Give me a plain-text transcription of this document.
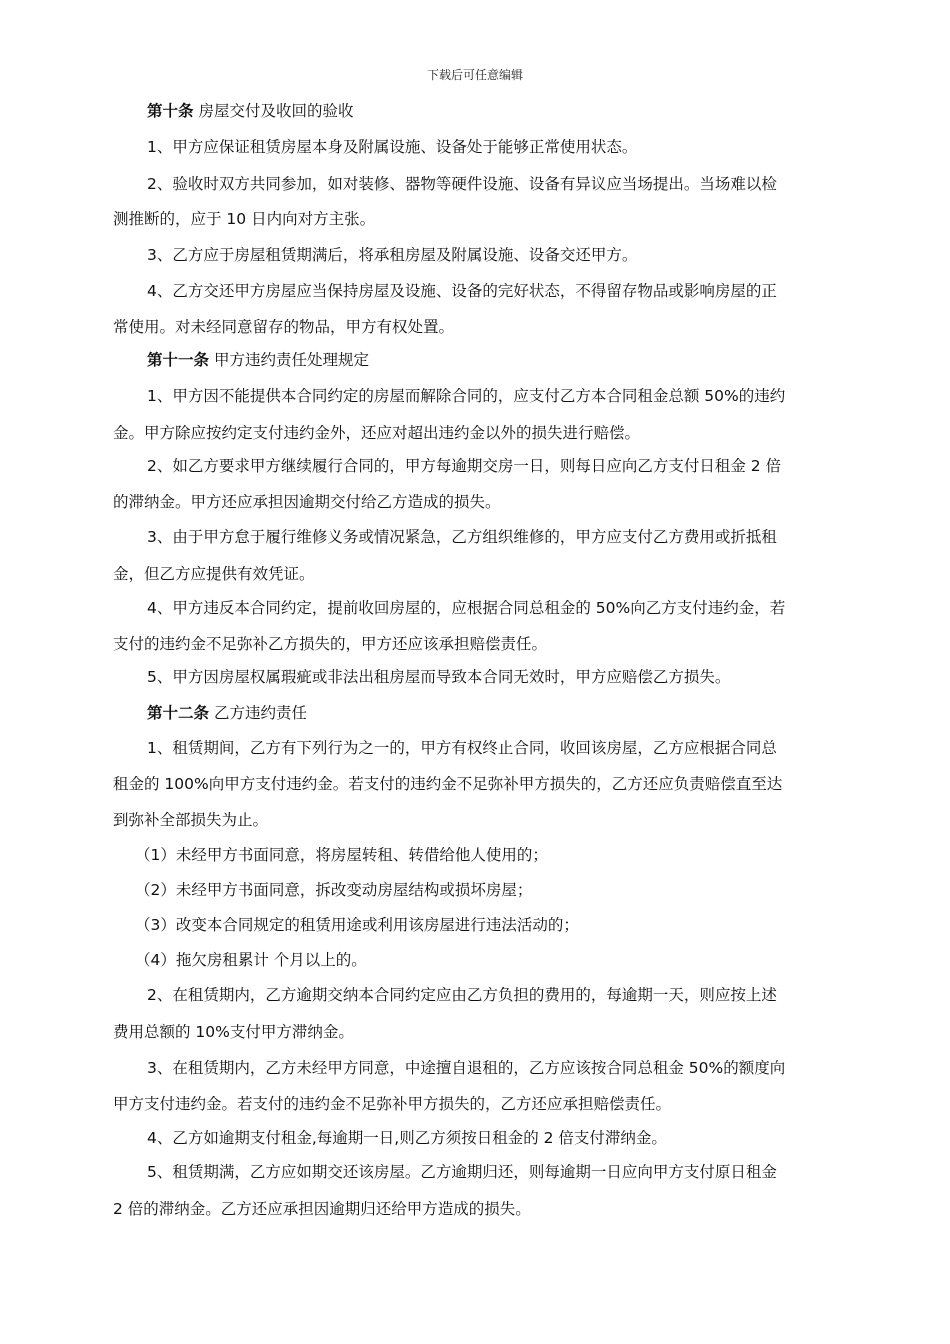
下载后可任意编辑
第十条 房屋交付及收回的验收
1、甲方应保证租赁房屋本身及附属设施、设备处于能够正常使用状态。
2、验收时双方共同参加，如对装修、器物等硬件设施、设备有异议应当场提出。当场难以检
测推断的，应于 10 日内向对方主张。
3、乙方应于房屋租赁期满后，将承租房屋及附属设施、设备交还甲方。
4、乙方交还甲方房屋应当保持房屋及设施、设备的完好状态，不得留存物品或影响房屋的正
常使用。对未经同意留存的物品，甲方有权处置。
第十一条 甲方违约责任处理规定
1、甲方因不能提供本合同约定的房屋而解除合同的，应支付乙方本合同租金总额 50%的违约
金。甲方除应按约定支付违约金外，还应对超出违约金以外的损失进行赔偿。
2、如乙方要求甲方继续履行合同的，甲方每逾期交房一日，则每日应向乙方支付日租金 2 倍
的滞纳金。甲方还应承担因逾期交付给乙方造成的损失。
3、由于甲方怠于履行维修义务或情况紧急，乙方组织维修的，甲方应支付乙方费用或折抵租
金，但乙方应提供有效凭证。
4、甲方违反本合同约定，提前收回房屋的，应根据合同总租金的 50%向乙方支付违约金，若
支付的违约金不足弥补乙方损失的，甲方还应该承担赔偿责任。
5、甲方因房屋权属瑕疵或非法出租房屋而导致本合同无效时，甲方应赔偿乙方损失。
第十二条 乙方违约责任
1、租赁期间，乙方有下列行为之一的，甲方有权终止合同，收回该房屋，乙方应根据合同总
租金的 100%向甲方支付违约金。若支付的违约金不足弥补甲方损失的，乙方还应负责赔偿直至达
到弥补全部损失为止。
（1）未经甲方书面同意，将房屋转租、转借给他人使用的；
（2）未经甲方书面同意，拆改变动房屋结构或损坏房屋；
（3）改变本合同规定的租赁用途或利用该房屋进行违法活动的；
（4）拖欠房租累计 个月以上的。
2、在租赁期内，乙方逾期交纳本合同约定应由乙方负担的费用的，每逾期一天，则应按上述
费用总额的 10%支付甲方滞纳金。
3、在租赁期内，乙方未经甲方同意，中途擅自退租的，乙方应该按合同总租金 50%的额度向
甲方支付违约金。若支付的违约金不足弥补甲方损失的，乙方还应承担赔偿责任。
4、乙方如逾期支付租金,每逾期一日,则乙方须按日租金的 2 倍支付滞纳金。
5、租赁期满，乙方应如期交还该房屋。乙方逾期归还，则每逾期一日应向甲方支付原日租金
2 倍的滞纳金。乙方还应承担因逾期归还给甲方造成的损失。
